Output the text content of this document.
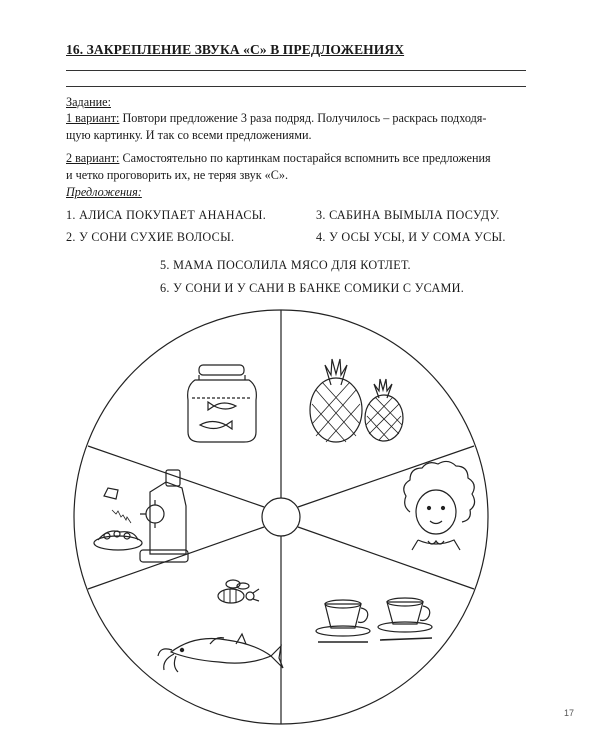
16. ЗАКРЕПЛЕНИЕ ЗВУКА «С» В ПРЕДЛОЖЕНИЯХ
Задание:
1 вариант: Повтори предложение 3 раза подряд. Получилось – раскрась подходя-
щую картинку. И так со всеми предложениями.
2 вариант: Самостоятельно по картинкам постарайся вспомнить все предложения
и четко проговорить их, не теряя звук «С».
Предложения:
1. АЛИСА ПОКУПАЕТ АНАНАСЫ.	3. САБИНА ВЫМЫЛА ПОСУДУ.
2. У СОНИ СУХИЕ ВОЛОСЫ.	4. У ОСЫ УСЫ, И У СОМА УСЫ.
5. МАМА ПОСОЛИЛА МЯСО ДЛЯ КОТЛЕТ.
6. У СОНИ И У САНИ В БАНКЕ СОМИКИ С УСАМИ.
17
